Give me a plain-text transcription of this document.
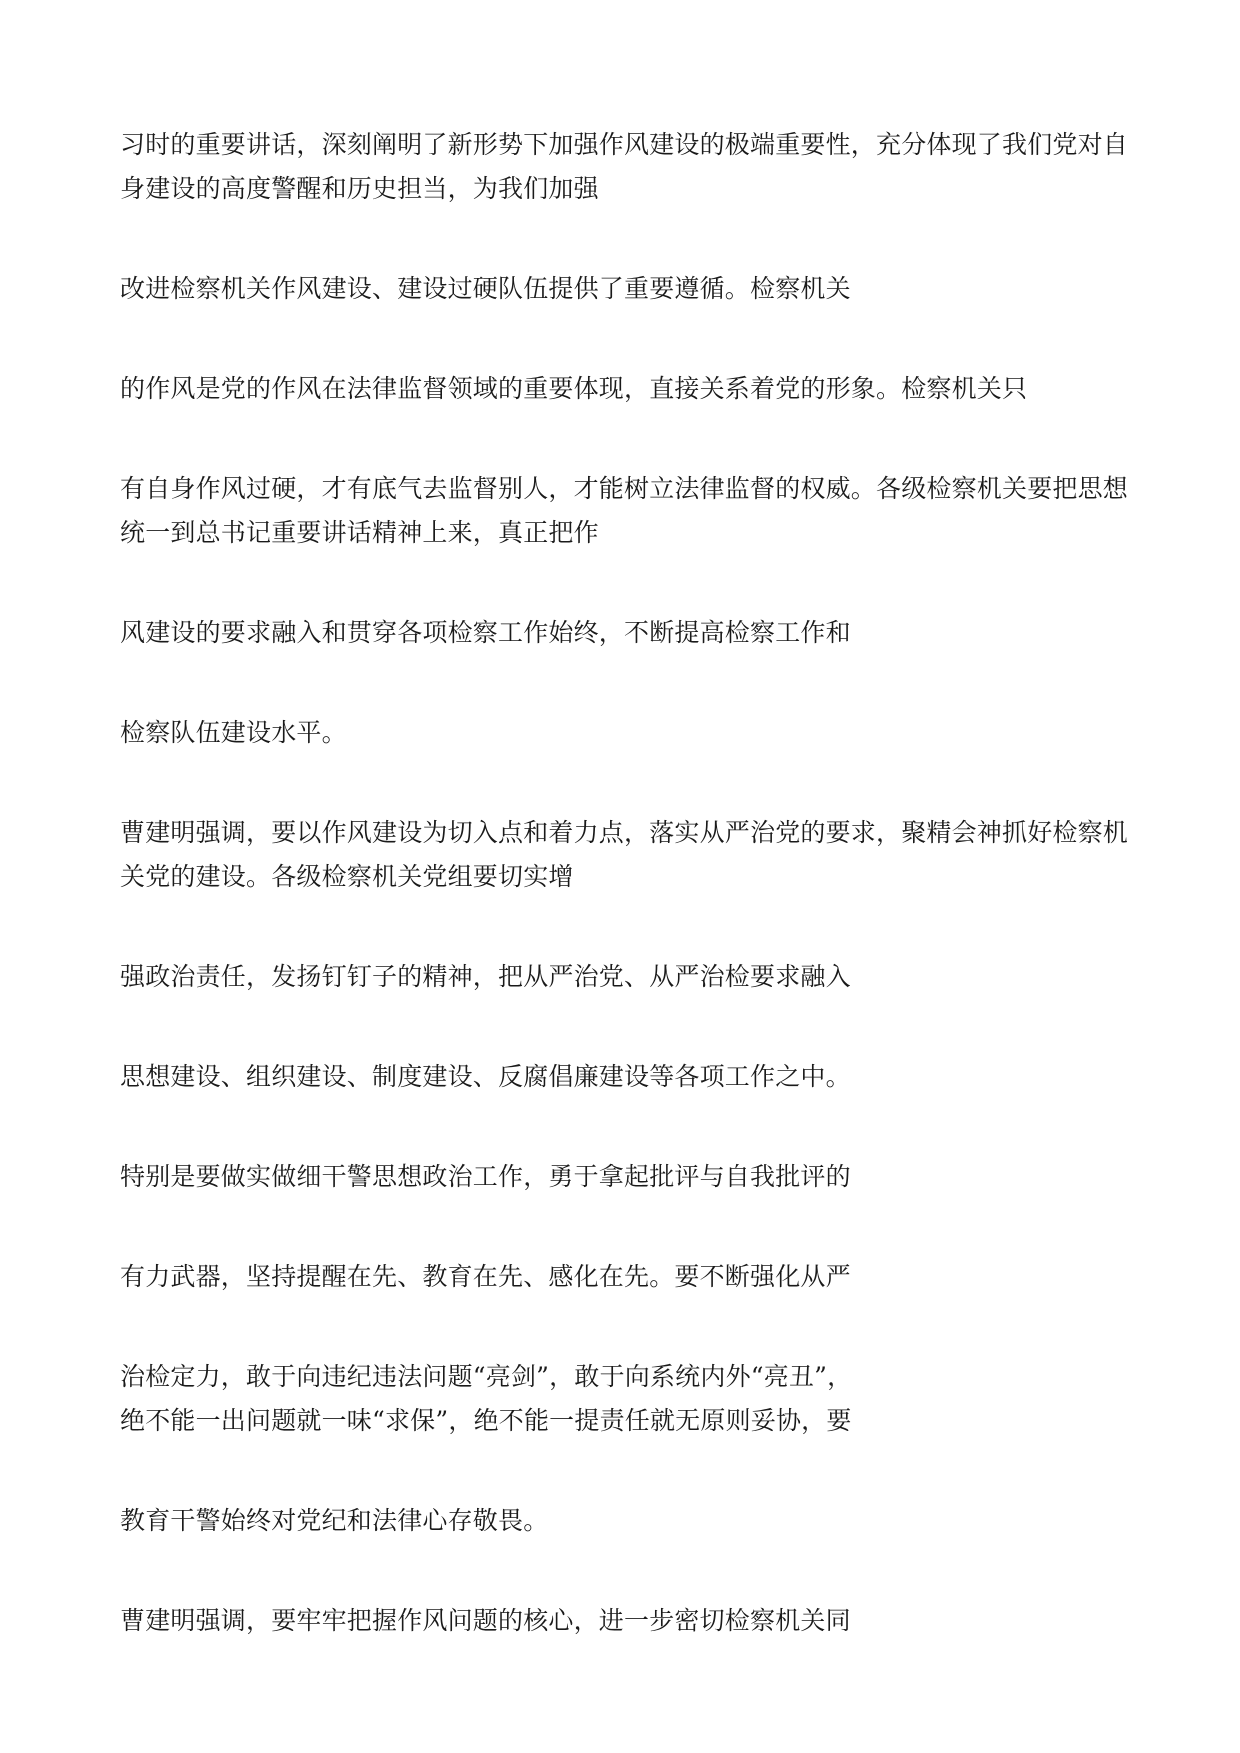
习时的重要讲话，深刻阐明了新形势下加强作风建设的极端重要性，充分体现了我们党对自
身建设的高度警醒和历史担当，为我们加强
改进检察机关作风建设、建设过硬队伍提供了重要遵循。检察机关
的作风是党的作风在法律监督领域的重要体现，直接关系着党的形象。检察机关只
有自身作风过硬，才有底气去监督别人，才能树立法律监督的权威。各级检察机关要把思想
统一到总书记重要讲话精神上来，真正把作
风建设的要求融入和贯穿各项检察工作始终，不断提高检察工作和
检察队伍建设水平。
曹建明强调，要以作风建设为切入点和着力点，落实从严治党的要求，聚精会神抓好检察机
关党的建设。各级检察机关党组要切实增
强政治责任，发扬钉钉子的精神，把从严治党、从严治检要求融入
思想建设、组织建设、制度建设、反腐倡廉建设等各项工作之中。
特别是要做实做细干警思想政治工作，勇于拿起批评与自我批评的
有力武器，坚持提醒在先、教育在先、感化在先。要不断强化从严
治检定力，敢于向违纪违法问题“亮剑”，敢于向系统内外“亮丑”，
绝不能一出问题就一味“求保”，绝不能一提责任就无原则妥协，要
教育干警始终对党纪和法律心存敬畏。
曹建明强调，要牢牢把握作风问题的核心，进一步密切检察机关同
